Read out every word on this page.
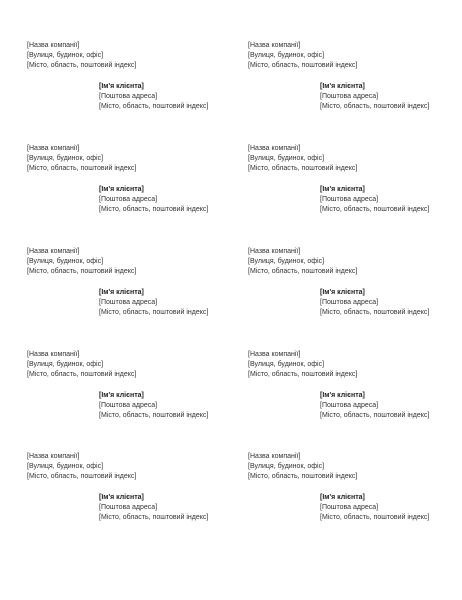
[Назва компанії]
[Вулиця, будинок, офіс]
[Місто, область, поштовий індекс]
[Ім'я клієнта]
[Поштова адреса]
[Місто, область, поштовий індекс]
[Назва компанії]
[Вулиця, будинок, офіс]
[Місто, область, поштовий індекс]
[Ім'я клієнта]
[Поштова адреса]
[Місто, область, поштовий індекс]
[Назва компанії]
[Вулиця, будинок, офіс]
[Місто, область, поштовий індекс]
[Ім'я клієнта]
[Поштова адреса]
[Місто, область, поштовий індекс]
[Назва компанії]
[Вулиця, будинок, офіс]
[Місто, область, поштовий індекс]
[Ім'я клієнта]
[Поштова адреса]
[Місто, область, поштовий індекс]
[Назва компанії]
[Вулиця, будинок, офіс]
[Місто, область, поштовий індекс]
[Ім'я клієнта]
[Поштова адреса]
[Місто, область, поштовий індекс]
[Назва компанії]
[Вулиця, будинок, офіс]
[Місто, область, поштовий індекс]
[Ім'я клієнта]
[Поштова адреса]
[Місто, область, поштовий індекс]
[Назва компанії]
[Вулиця, будинок, офіс]
[Місто, область, поштовий індекс]
[Ім'я клієнта]
[Поштова адреса]
[Місто, область, поштовий індекс]
[Назва компанії]
[Вулиця, будинок, офіс]
[Місто, область, поштовий індекс]
[Ім'я клієнта]
[Поштова адреса]
[Місто, область, поштовий індекс]
[Назва компанії]
[Вулиця, будинок, офіс]
[Місто, область, поштовий індекс]
[Ім'я клієнта]
[Поштова адреса]
[Місто, область, поштовий індекс]
[Назва компанії]
[Вулиця, будинок, офіс]
[Місто, область, поштовий індекс]
[Ім'я клієнта]
[Поштова адреса]
[Місто, область, поштовий індекс]
